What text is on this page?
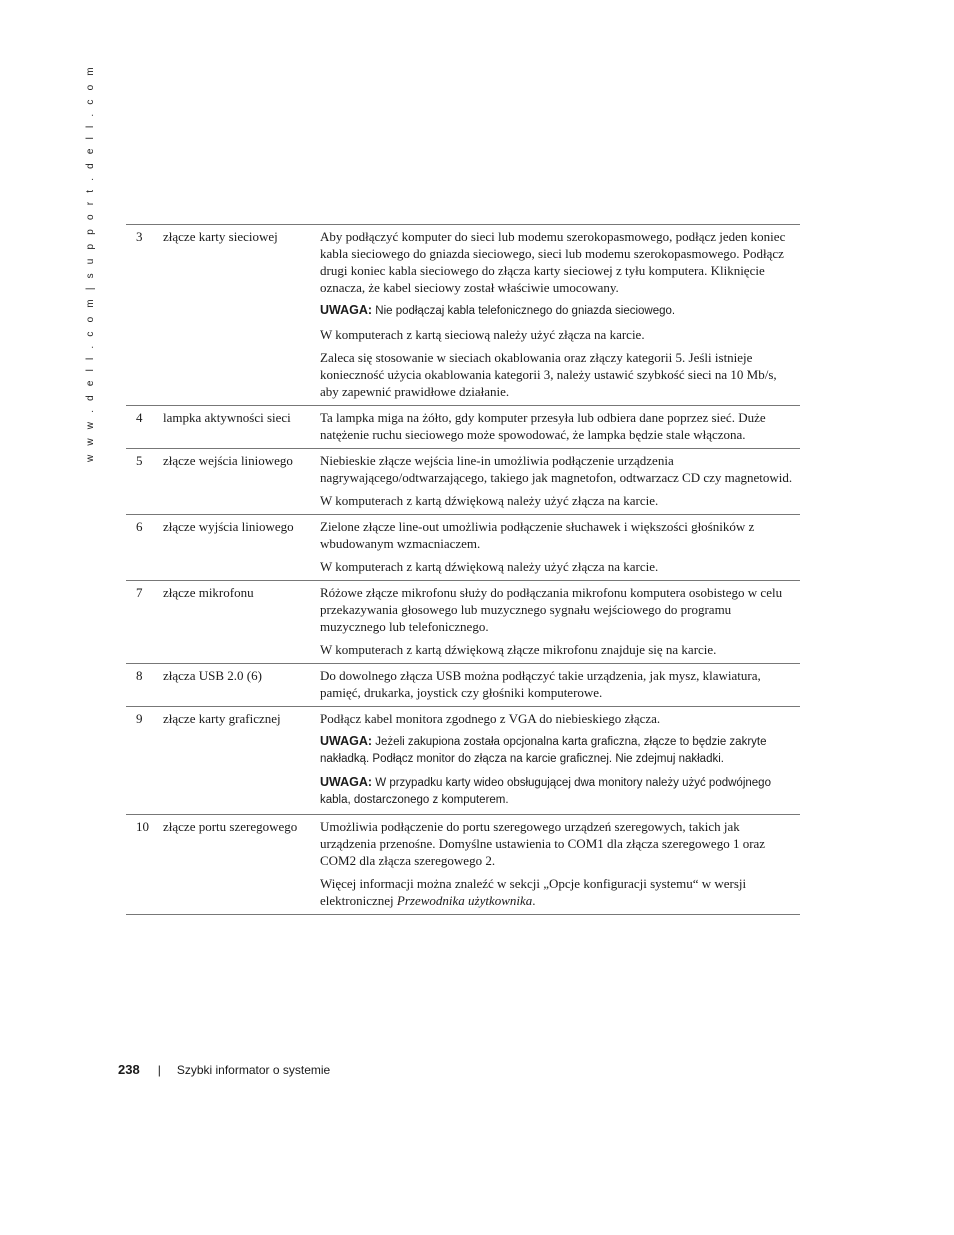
w w w . d e l l . c o m | s u p p o r t . d e l l . c o m	3	złącze karty sieciowej	Aby podłączyć komputer do sieci lub modemu szerokopasmowego, podłącz jeden koniec kabla sieciowego do gniazda sieciowego, sieci lub modemu szerokopasmowego. Podłącz drugi koniec kabla sieciowego do złącza karty sieciowej z tyłu komputera. Kliknięcie oznacza, że kabel sieciowy został właściwie umocowany.

UWAGA: Nie podłączaj kabla telefonicznego do gniazda sieciowego.

W komputerach z kartą sieciową należy użyć złącza na karcie.

Zaleca się stosowanie w sieciach okablowania oraz złączy kategorii 5. Jeśli istnieje konieczność użycia okablowania kategorii 3, należy ustawić szybkość sieci na 10 Mb/s, aby zapewnić prawidłowe działanie.

4	lampka aktywności sieci	Ta lampka miga na żółto, gdy komputer przesyła lub odbiera dane poprzez sieć. Duże natężenie ruchu sieciowego może spowodować, że lampka będzie stale włączona.

5	złącze wejścia liniowego	Niebieskie złącze wejścia line-in umożliwia podłączenie urządzenia nagrywającego/odtwarzającego, takiego jak magnetofon, odtwarzacz CD czy magnetowid.

W komputerach z kartą dźwiękową należy użyć złącza na karcie.

6	złącze wyjścia liniowego	Zielone złącze line-out umożliwia podłączenie słuchawek i większości głośników z wbudowanym wzmacniaczem.

W komputerach z kartą dźwiękową należy użyć złącza na karcie.

7	złącze mikrofonu	Różowe złącze mikrofonu służy do podłączania mikrofonu komputera osobistego w celu przekazywania głosowego lub muzycznego sygnału wejściowego do programu muzycznego lub telefonicznego.

W komputerach z kartą dźwiękową złącze mikrofonu znajduje się na karcie.

8	złącza USB 2.0 (6)	Do dowolnego złącza USB można podłączyć takie urządzenia, jak mysz, klawiatura, pamięć, drukarka, joystick czy głośniki komputerowe.

9	złącze karty graficznej	Podłącz kabel monitora zgodnego z VGA do niebieskiego złącza.

UWAGA: Jeżeli zakupiona została opcjonalna karta graficzna, złącze to będzie zakryte nakładką. Podłącz monitor do złącza na karcie graficznej. Nie zdejmuj nakładki.

UWAGA: W przypadku karty wideo obsługującej dwa monitory należy użyć podwójnego kabla, dostarczonego z komputerem.

10	złącze portu szeregowego	Umożliwia podłączenie do portu szeregowego urządzeń szeregowych, takich jak urządzenia przenośne. Domyślne ustawienia to COM1 dla złącza szeregowego 1 oraz COM2 dla złącza szeregowego 2.

Więcej informacji można znaleźć w sekcji „Opcje konfiguracji systemu“ w wersji elektronicznej Przewodnika użytkownika.

238 | Szybki informator o systemie
